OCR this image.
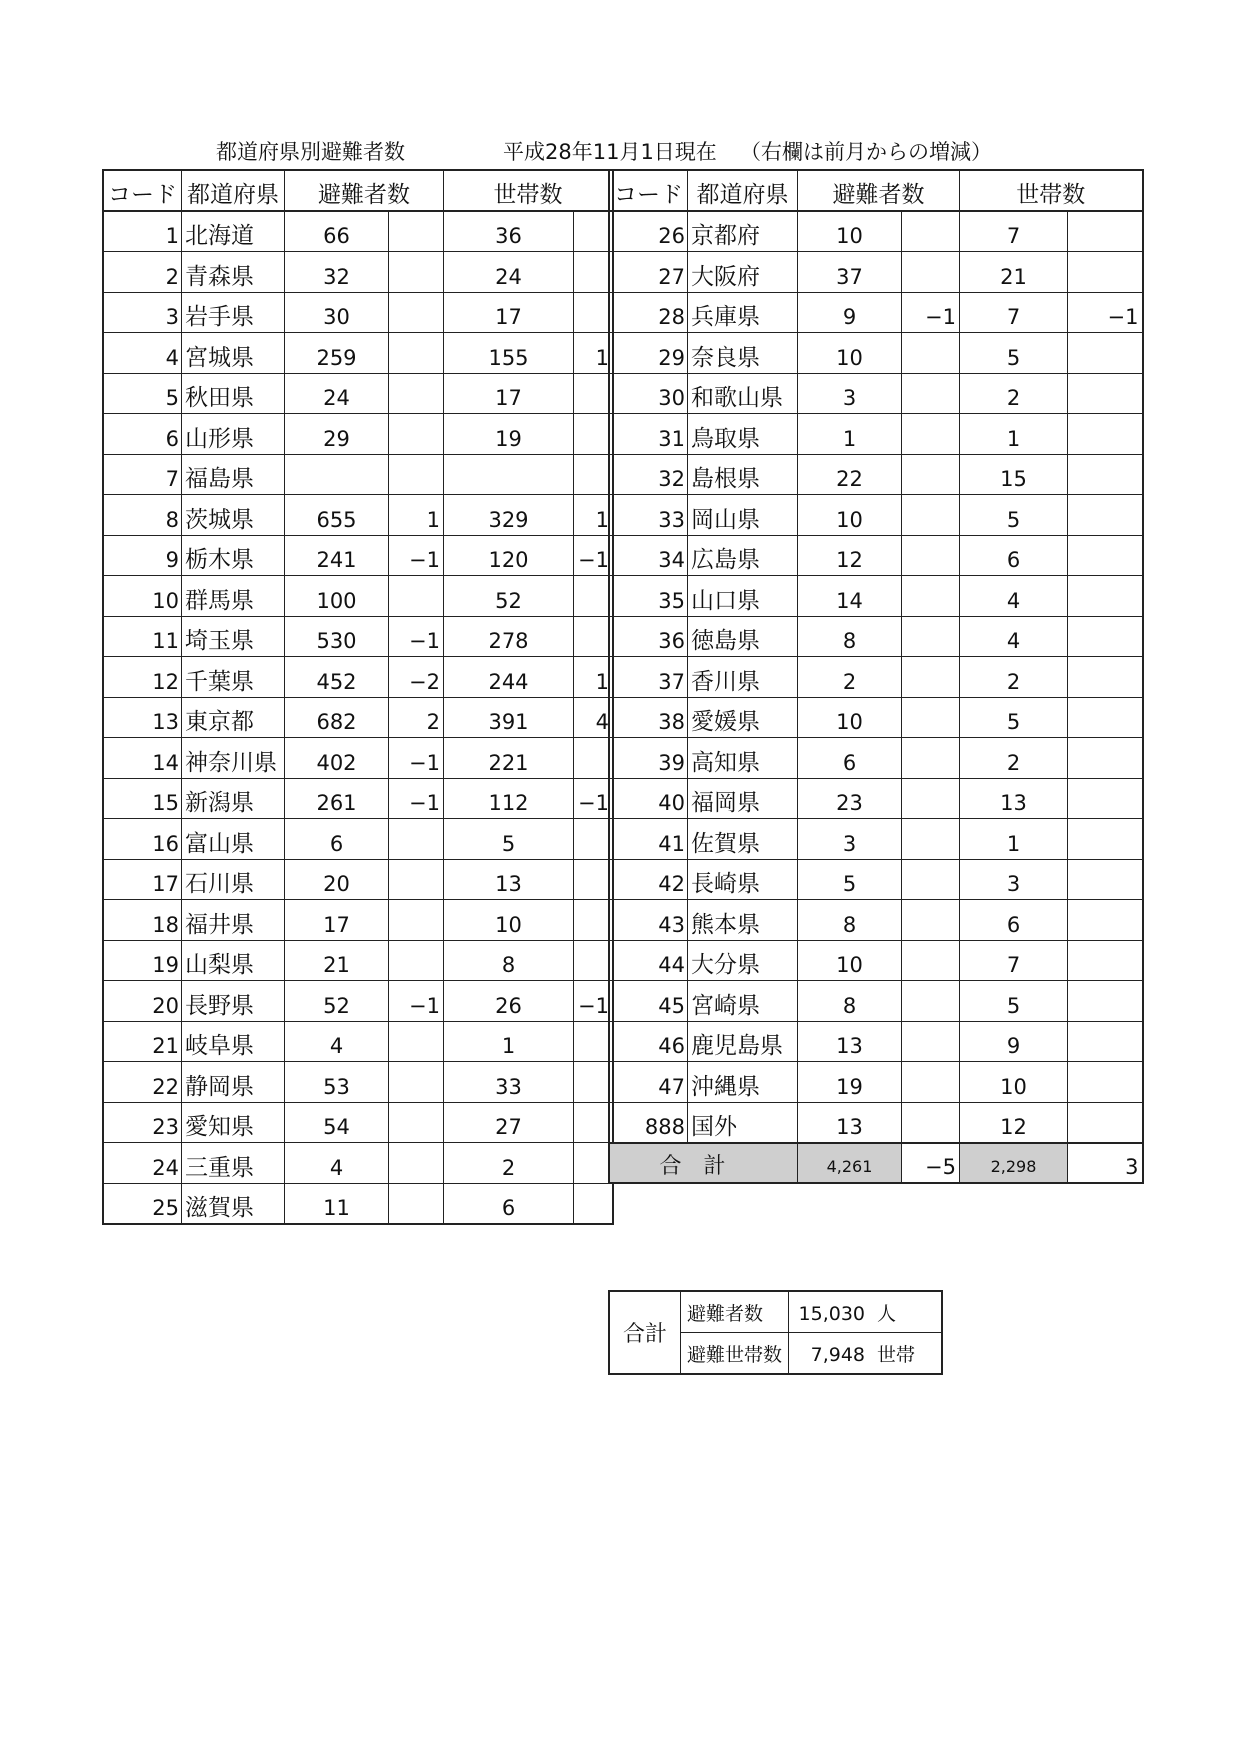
都道府県別避難者数	平成28年11月1日現在 （右欄は前月からの増減）
コード	都道府県	避難者数		世帯数	
1	北海道	66		36	
2	青森県	32		24	
3	岩手県	30		17	
4	宮城県	259		155	1
5	秋田県	24		17	
6	山形県	29		19	
7	福島県				
8	茨城県	655	1	329	1
9	栃木県	241	−1	120	−1
10	群馬県	100		52	
11	埼玉県	530	−1	278	
12	千葉県	452	−2	244	1
13	東京都	682	2	391	4
14	神奈川県	402	−1	221	
15	新潟県	261	−1	112	−1
16	富山県	6		5	
17	石川県	20		13	
18	福井県	17		10	
19	山梨県	21		8	
20	長野県	52	−1	26	−1
21	岐阜県	4		1	
22	静岡県	53		33	
23	愛知県	54		27	
24	三重県	4		2	
25	滋賀県	11		6	
コード	都道府県	避難者数		世帯数	
26	京都府	10		7	
27	大阪府	37		21	
28	兵庫県	9	−1	7	−1
29	奈良県	10		5	
30	和歌山県	3		2	
31	鳥取県	1		1	
32	島根県	22		15	
33	岡山県	10		5	
34	広島県	12		6	
35	山口県	14		4	
36	徳島県	8		4	
37	香川県	2		2	
38	愛媛県	10		5	
39	高知県	6		2	
40	福岡県	23		13	
41	佐賀県	3		1	
42	長崎県	5		3	
43	熊本県	8		6	
44	大分県	10		7	
45	宮崎県	8		5	
46	鹿児島県	13		9	
47	沖縄県	19		10	
888	国外	13		12	
合計		4,261	−5	2,298	3
合計	避難者数	15,030 人
	避難世帯数	7,948 世帯
